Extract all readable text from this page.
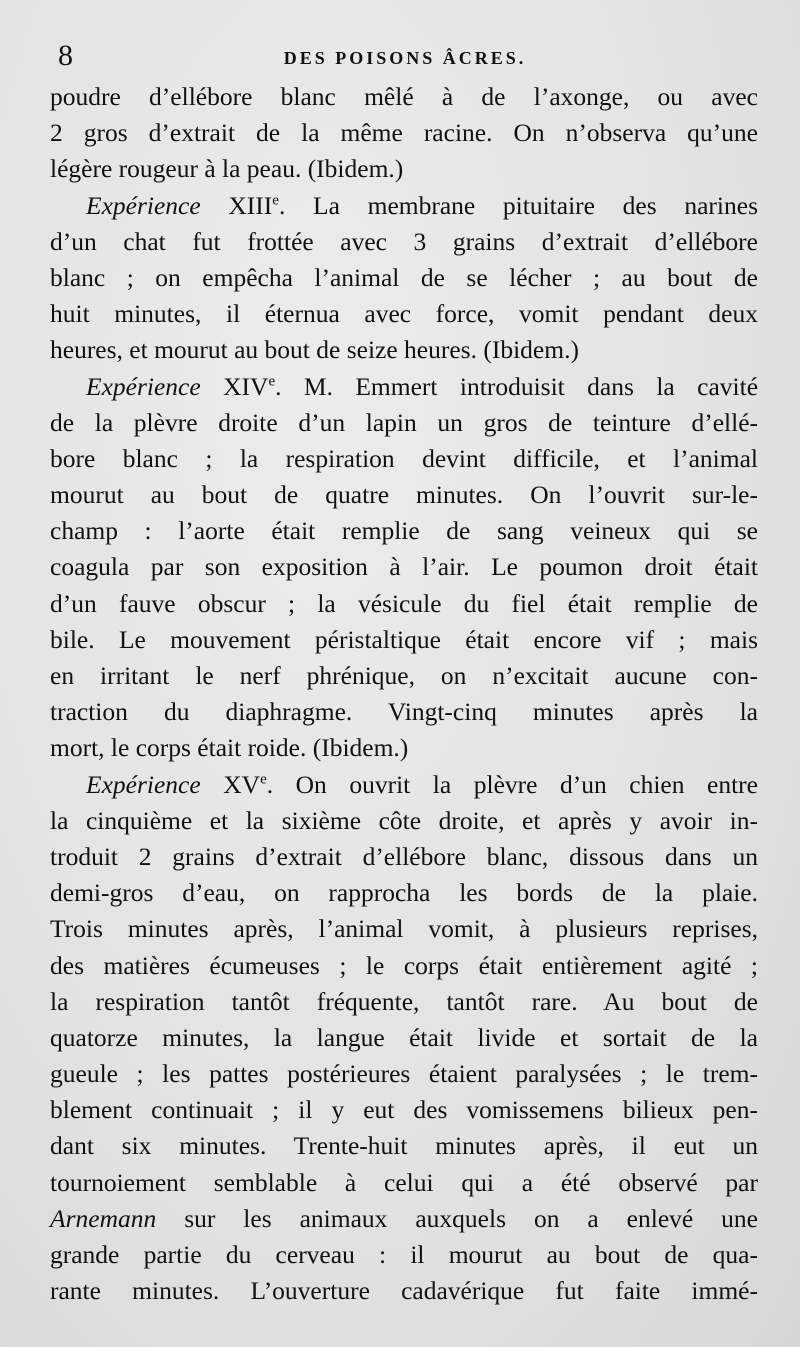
8	DES POISONS ÂCRES.
poudre d’ellébore blanc mêlé à de l’axonge, ou avec
2 gros d’extrait de la même racine. On n’observa qu’une
légère rougeur à la peau. (Ibidem.)
Expérience XIIIe. La membrane pituitaire des narines
d’un chat fut frottée avec 3 grains d’extrait d’ellébore
blanc ; on empêcha l’animal de se lécher ; au bout de
huit minutes, il éternua avec force, vomit pendant deux
heures, et mourut au bout de seize heures. (Ibidem.)
Expérience XIVe. M. Emmert introduisit dans la cavité
de la plèvre droite d’un lapin un gros de teinture d’ellé-
bore blanc ; la respiration devint difficile, et l’animal
mourut au bout de quatre minutes. On l’ouvrit sur-le-
champ : l’aorte était remplie de sang veineux qui se
coagula par son exposition à l’air. Le poumon droit était
d’un fauve obscur ; la vésicule du fiel était remplie de
bile. Le mouvement péristaltique était encore vif ; mais
en irritant le nerf phrénique, on n’excitait aucune con-
traction du diaphragme. Vingt-cinq minutes après la
mort, le corps était roide. (Ibidem.)
Expérience XVe. On ouvrit la plèvre d’un chien entre
la cinquième et la sixième côte droite, et après y avoir in-
troduit 2 grains d’extrait d’ellébore blanc, dissous dans un
demi-gros d’eau, on rapprocha les bords de la plaie.
Trois minutes après, l’animal vomit, à plusieurs reprises,
des matières écumeuses ; le corps était entièrement agité ;
la respiration tantôt fréquente, tantôt rare. Au bout de
quatorze minutes, la langue était livide et sortait de la
gueule ; les pattes postérieures étaient paralysées ; le trem-
blement continuait ; il y eut des vomissemens bilieux pen-
dant six minutes. Trente-huit minutes après, il eut un
tournoiement semblable à celui qui a été observé par
Arnemann sur les animaux auxquels on a enlevé une
grande partie du cerveau : il mourut au bout de qua-
rante minutes. L’ouverture cadavérique fut faite immé-
